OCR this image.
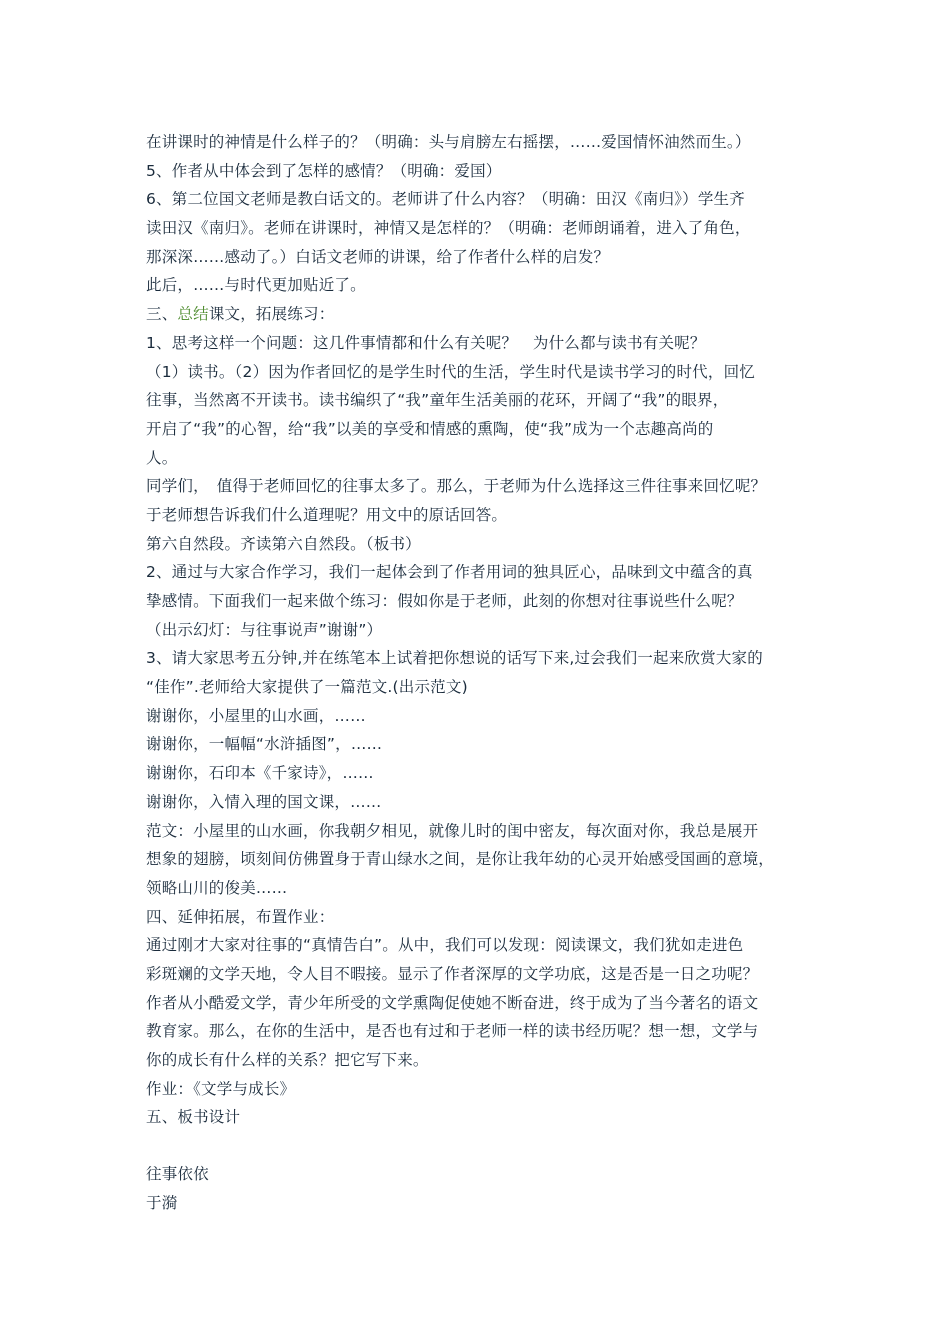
在讲课时的神情是什么样子的？（明确：头与肩膀左右摇摆，……爱国情怀油然而生。）
5、作者从中体会到了怎样的感情？（明确：爱国）
6、第二位国文老师是教白话文的。老师讲了什么内容？（明确：田汉《南归》）学生齐
读田汉《南归》。老师在讲课时，神情又是怎样的？（明确：老师朗诵着，进入了角色，
那深深……感动了。）白话文老师的讲课，给了作者什么样的启发？
此后，……与时代更加贴近了。
三、总结课文，拓展练习：
1、思考这样一个问题：这几件事情都和什么有关呢？　为什么都与读书有关呢？
（1）读书。（2）因为作者回忆的是学生时代的生活，学生时代是读书学习的时代，回忆
往事，当然离不开读书。读书编织了“我”童年生活美丽的花环，开阔了“我”的眼界，
开启了“我”的心智，给“我”以美的享受和情感的熏陶，使“我”成为一个志趣高尚的
人。
同学们，　值得于老师回忆的往事太多了。那么，于老师为什么选择这三件往事来回忆呢？
于老师想告诉我们什么道理呢？用文中的原话回答。
第六自然段。齐读第六自然段。（板书）
2、通过与大家合作学习，我们一起体会到了作者用词的独具匠心，品味到文中蕴含的真
挚感情。下面我们一起来做个练习：假如你是于老师，此刻的你想对往事说些什么呢？
（出示幻灯：与往事说声”谢谢”）
3、请大家思考五分钟,并在练笔本上试着把你想说的话写下来,过会我们一起来欣赏大家的
“佳作”.老师给大家提供了一篇范文.(出示范文)
谢谢你，小屋里的山水画，……
谢谢你，一幅幅“水浒插图”，……
谢谢你，石印本《千家诗》，……
谢谢你，入情入理的国文课，……
范文：小屋里的山水画，你我朝夕相见，就像儿时的闺中密友，每次面对你，我总是展开
想象的翅膀，顷刻间仿佛置身于青山绿水之间，是你让我年幼的心灵开始感受国画的意境，
领略山川的俊美……
四、延伸拓展，布置作业：
通过刚才大家对往事的“真情告白”。从中，我们可以发现：阅读课文，我们犹如走进色
彩斑斓的文学天地，令人目不暇接。显示了作者深厚的文学功底，这是否是一日之功呢？
作者从小酷爱文学，青少年所受的文学熏陶促使她不断奋进，终于成为了当今著名的语文
教育家。那么，在你的生活中，是否也有过和于老师一样的读书经历呢？想一想，文学与
你的成长有什么样的关系？把它写下来。
作业：《文学与成长》
五、板书设计
往事依依
于漪
